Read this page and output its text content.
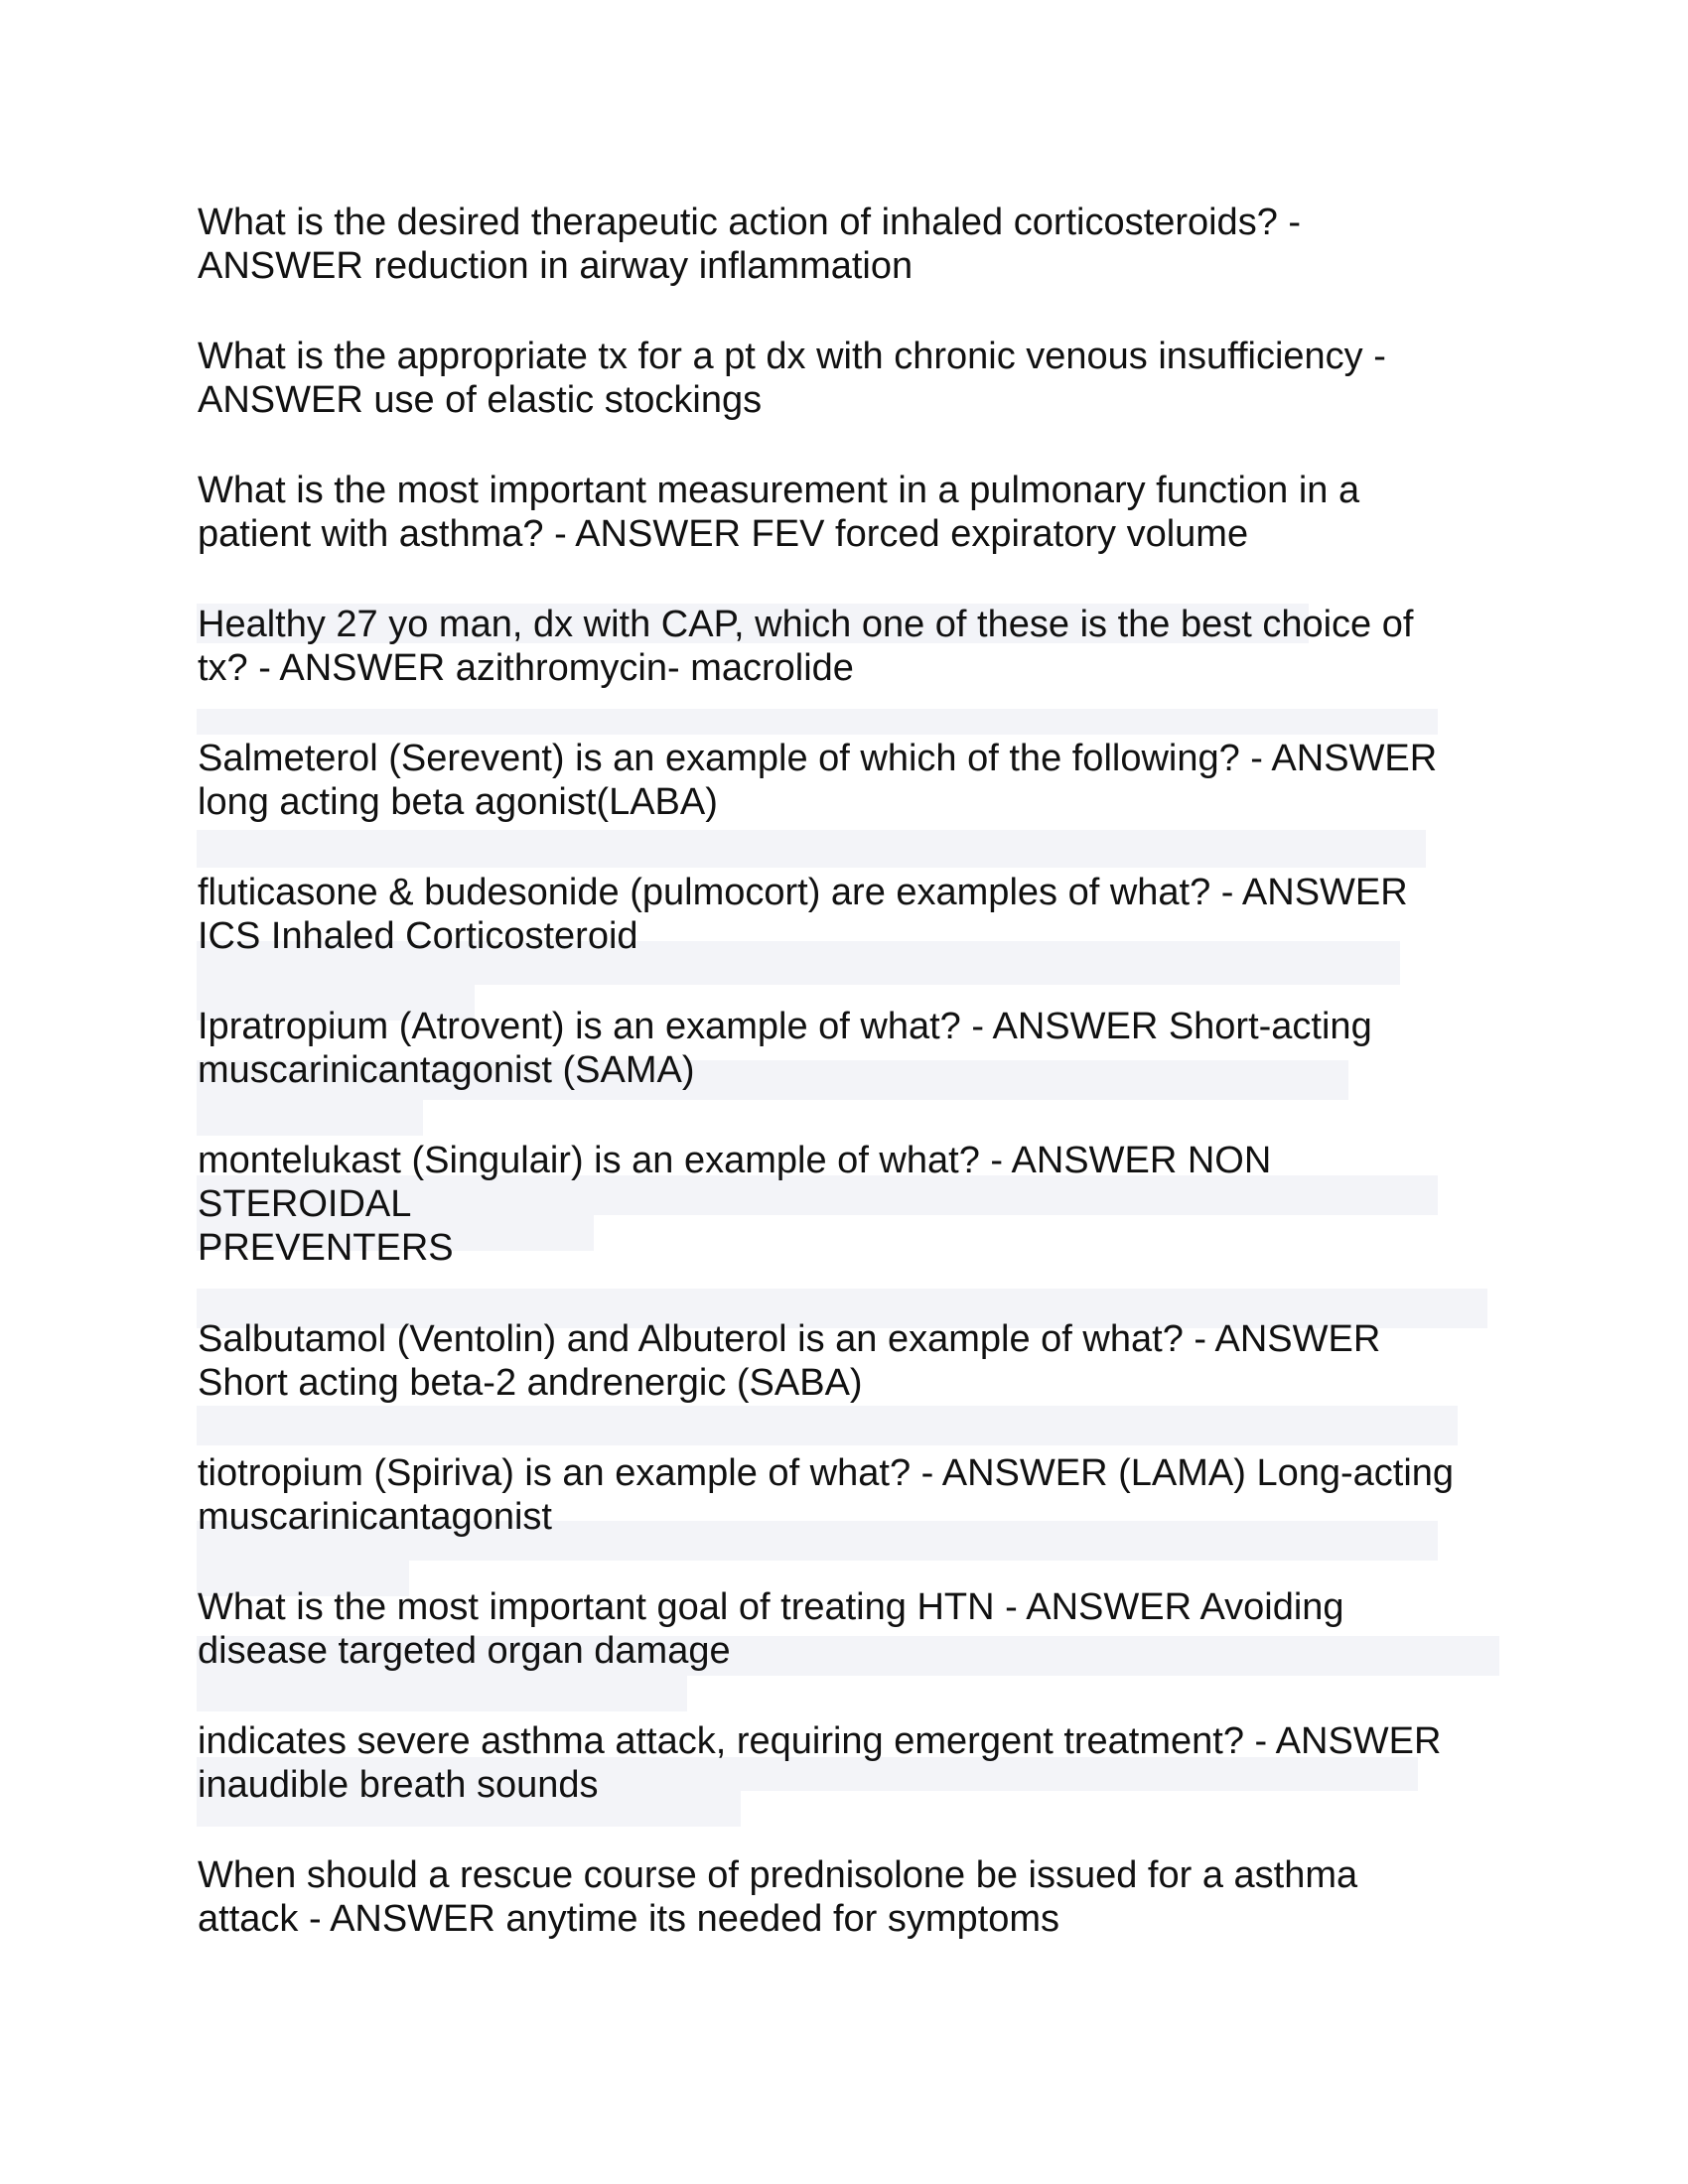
What is the desired therapeutic action of inhaled corticosteroids? -
ANSWER reduction in airway inflammation

What is the appropriate tx for a pt dx with chronic venous insufficiency -
ANSWER use of elastic stockings

What is the most important measurement in a pulmonary function in a
patient with asthma? - ANSWER FEV forced expiratory volume

Healthy 27 yo man, dx with CAP, which one of these is the best choice of
tx? - ANSWER azithromycin- macrolide

Salmeterol (Serevent) is an example of which of the following? - ANSWER
long acting beta agonist(LABA)

fluticasone & budesonide (pulmocort) are examples of what? - ANSWER
ICS Inhaled Corticosteroid

Ipratropium (Atrovent) is an example of what? - ANSWER Short-acting
muscarinicantagonist (SAMA)

montelukast (Singulair) is an example of what? - ANSWER NON
STEROIDAL
PREVENTERS

Salbutamol (Ventolin) and Albuterol is an example of what? - ANSWER
Short acting beta-2 andrenergic (SABA)

tiotropium (Spiriva) is an example of what? - ANSWER (LAMA) Long-acting
muscarinicantagonist

What is the most important goal of treating HTN - ANSWER Avoiding
disease targeted organ damage

indicates severe asthma attack, requiring emergent treatment? - ANSWER
inaudible breath sounds

When should a rescue course of prednisolone be issued for a asthma
attack - ANSWER anytime its needed for symptoms
